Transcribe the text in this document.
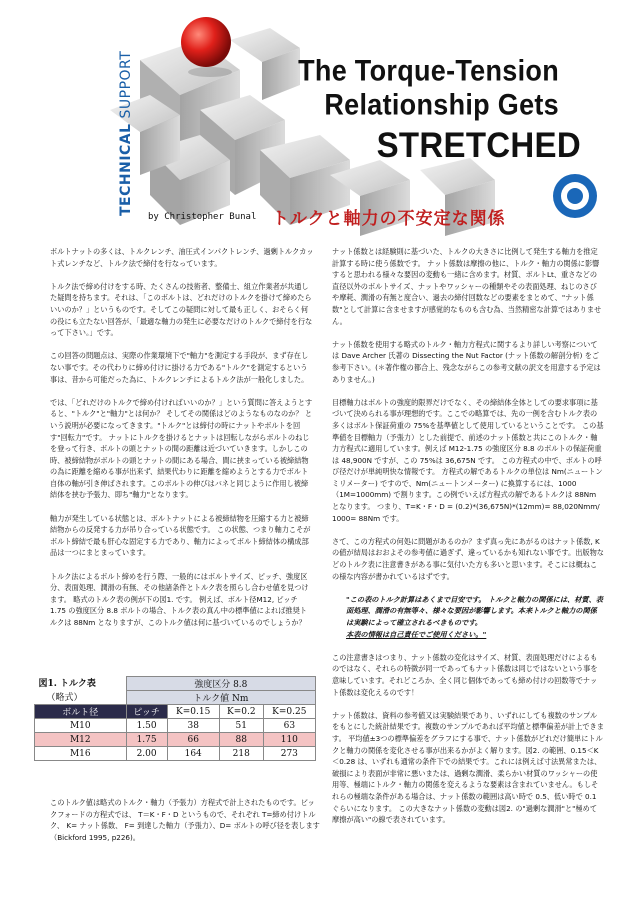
TECHNICAL SUPPORT	The Torque-Tension
Relationship Gets
STRETCHED
by Christopher Bunal トルクと軸力の不安定な関係

ボルトナットの多くは、トルクレンチ、油圧式インパクトレンチ、過剰トルクカット式レンチなど、トルク法で締付を行なっています。

トルク法で締め付けをする時、たくさんの技術者、整備士、組立作業者が共通した疑問を持ちます。それは、「このボルトは、どれだけのトルクを掛けて締めたらいいのか？」というものです。そしてこの疑問に対して最も正しく、おそらく何の役にも立たない回答が、「最適な軸力の発生に必要なだけのトルクで締付を行なって下さい。」です。

この回答の問題点は、実際の作業環境下で"軸力"を測定する手段が、まず存在しない事です。その代わりに締め付けに掛ける力である"トルク"を測定するという事は、昔から可能だった為に、トルクレンチによるトルク法が一般化しました。

では、「どれだけのトルクで締め付ければいいのか？」という質問に答えようとすると、"トルク"と"軸力"とは何か？ そしてその関係はどのようなものなのか？ という説明が必要になってきます。"トルク"とは締付の時にナットやボルトを回す"回転力"です。 ナットにトルクを掛けるとナットは回転しながらボルトのねじを登って行き、ボルトの頭とナットの間の距離は近づいていきます。しかしこの時、被締結物がボルトの頭とナットの間にある場合、間に挟まっている被締結物の為に距離を縮める事が出来ず、結果代わりに距離を縮めようとする力でボルト自体の軸が引き伸ばされます。このボルトの伸びはバネと同じように作用し被締結体を挟む予張力、即ち"軸力"となります。

軸力が発生している状態とは、ボルトナットによる被締結物を圧縮する力と被締結物からの反発する力が吊り合っている状態です。 この状態、つまり軸力こそがボルト締結で最も肝心な固定する力であり、軸力によってボルト締結体の構成部品は一つにまとまっています。

トルク法によるボルト締めを行う際、一般的にはボルトサイズ、ピッチ、強度区分、表面処理、潤滑の有無、その他諸条件とトルク表を照らし合わせ値を見つけます。 略式のトルク表の例が下の図1. です。 例えば、ボルト径M12, ピッチ 1.75 の強度区分 8.8 ボルトの場合、トルク表の真ん中の標準値によれば推奨トルクは 88Nm となりますが、このトルク値は何に基づいているのでしょうか？

図1. トルク表
（略式）	強度区分 8.8			
	トルク値 Nm			
ボルト径	ピッチ	K=0.15	K=0.2	K=0.25
M10	1.50	38	51	63
M12	1.75	66	88	110
M16	2.00	164	218	273
このトルク値は略式のトルク・軸力（予張力）方程式で計上されたものです。ビックフォードの方程式では、 T＝K・F・D というもので、それぞれ T=締め付けトルク、 K= ナット係数、 F= 到達した軸力（予張力）、D= ボルトの呼び径を表します （Bickford 1995, p226)。

ナット係数とは経験則に基づいた、トルクの大きさに比例して発生する軸力を推定計算する時に使う係数です。 ナット係数は摩擦の他に、トルク・軸力の関係に影響すると思われる様々な要因の変動も一緒に含めます。材質、ボルトLt、重さなどの直径以外のボルトサイズ、ナットやワッシャーの種類やその表面処理、ねじのさびや摩耗、潤滑の有無と度合い、過去の締付回数などの要素をまとめて、"ナット係数"として計算に含ませますが感覚的なものも含む為、当然精密な計算ではありません。

ナット係数を使用する略式のトルク・軸力方程式に関するより詳しい考察については Dave Archer 氏著の Dissecting the Nut Factor (ナット係数の解剖分析) をご参考下さい。(＊著作権の都合上、残念ながらこの参考文献の訳文を用意する予定はありません。)

目標軸力はボルトの強度的限界だけでなく、その締結体全体としての要求事項に基づいて決められる事が理想的です。ここでの略算では、先の一例を含むトルク表の多くはボルト保証荷重の 75%を基準値として使用しているということです。 この基準値を目標軸力（予張力）とした前提で、前述のナット係数と共にこのトルク・軸力方程式に適用しています。例えば M12-1.75 の強度区分 8.8 のボルトの保証荷重は 48,900N ですが、この 75%は 36,675N です。 この方程式の中で、ボルトの呼び径だけが単純明快な情報です。 方程式の解であるトルクの単位は Nm(ニュートンミリメーター) ですので、Nm(ニュートンメーター) に換算するには、1000（1M=1000mm) で割ります。この例でいえば方程式の解であるトルクは 88Nm となります。 つまり、T=K・F・D = (0.2)*(36,675N)*(12mm)= 88,020Nmm/ 1000= 88Nm です。

さて、この方程式の何処に問題があるのか？まず真っ先にあがるのはナット係数, K の値が結局はおおよその参考値に過ぎず、違っているかも知れない事です。出版物などのトルク表に注意書きがある事に気付いた方も多いと思います。そこには概ねこの様な内容が書かれているはずです。

"この表のトルク計算はあくまで目安です。 トルクと軸力の関係には、材質、表面処理、潤滑の有無等々、様々な要因が影響します。本来トルクと軸力の関係は実験によって確立されるべきものです。
本表の情報は自己責任でご使用ください。"

この注意書きはつまり、ナット係数の変化はサイズ、材質、表面処理だけによるものではなく、それらの特徴が同一であってもナット係数は同じではないという事を意味しています。それどころか、全く同じ個体であっても締め付けの回数等でナット係数は変化えるのです！

ナット係数は、資料の参考値又は実験結果であり、いずれにしても複数のサンプルをもとにした統計結果です。複数のサンプルであれば平均値と標準偏差が計上できます。 平均値±3つの標準偏差をグラフにする事で、ナット係数がどれだけ簡単にトルクと軸力の関係を変化させる事が出来るかがよく解ります。図2. の範囲、0.15＜K＜0.28 は、いずれも通常の条件下での結果です。これには例えば寸法異常または、破損により表面が非常に悪いまたは、過剰な潤滑、柔らかい材質のワッシャーの使用等、極端にトルク・軸力の関係を変えるような要素は含まれていません。もしそれらの極端な条件がある場合は、ナット係数の範囲は高い時で 0.5、低い時で 0.1 ぐらいになります。 この大きなナット係数の変動は図2. の"過剰な潤滑"と"極めて摩擦が高い"の線で表されています。
